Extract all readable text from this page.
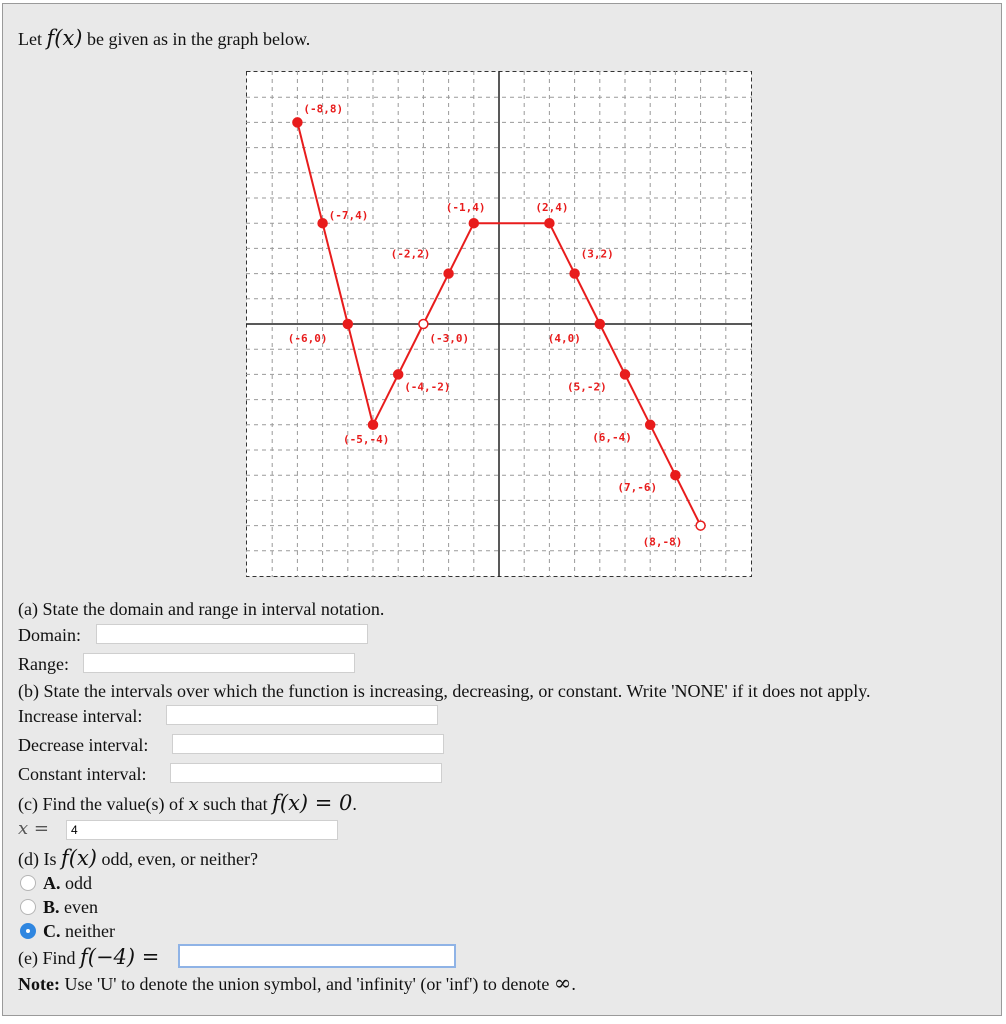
Let f(x) be given as in the graph below.
(-8,8)
(-7,4)
(-6,0)
(-5,-4)
(-4,-2)
(-3,0)
(-2,2)
(-1,4)	(2,4)
(3,2)
(4,0)
(5,-2)
(6,-4)
(7,-6)
(8,-8)
(a) State the domain and range in interval notation.
Domain:
Range:
(b) State the intervals over which the function is increasing, decreasing, or constant. Write 'NONE' if it does not apply.
Increase interval:
Decrease interval:
Constant interval:
(c) Find the value(s) of x such that f(x) = 0.
x =
4
(d) Is f(x) odd, even, or neither?
A. odd
B. even
C. neither
(e) Find f(−4) =
Note: Use 'U' to denote the union symbol, and 'infinity' (or 'inf') to denote ∞.
